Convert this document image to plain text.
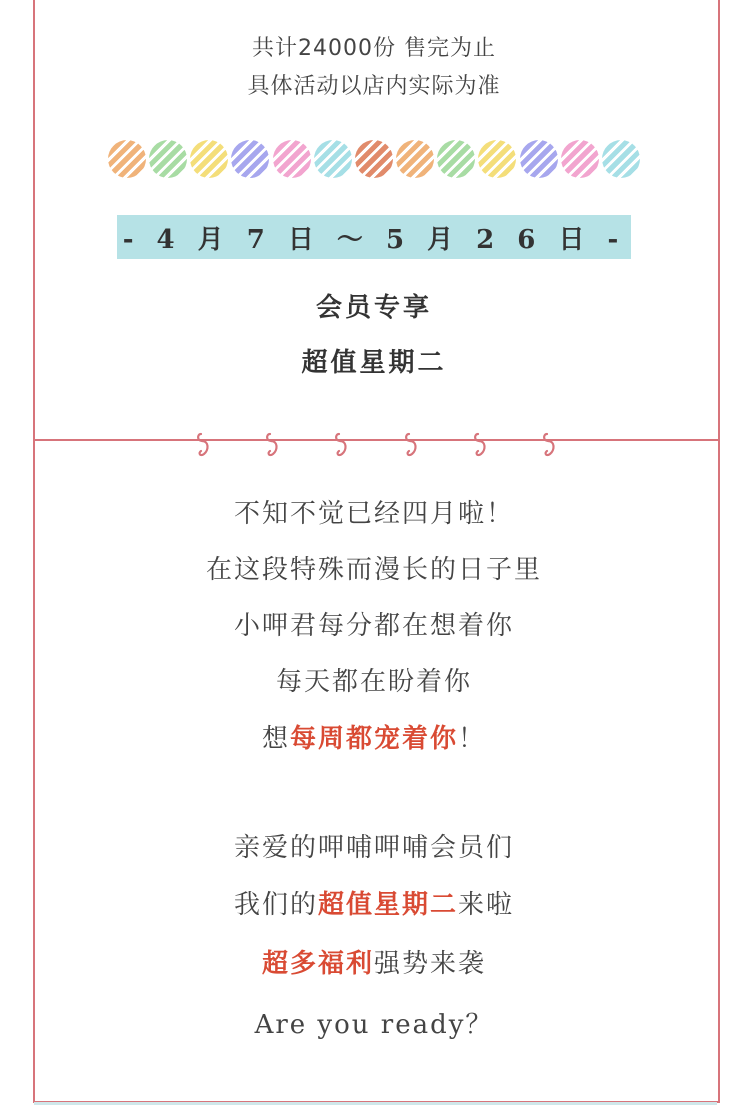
共计24000份 售完为止
具体活动以店内实际为准
- 4 月 7 日 ～ 5 月 2 6 日 -
会员专享
超值星期二
不知不觉已经四月啦！
在这段特殊而漫长的日子里
小呷君每分都在想着你
每天都在盼着你
想每周都宠着你！
亲爱的呷哺呷哺会员们
我们的超值星期二来啦
超多福利强势来袭
Are you ready？
